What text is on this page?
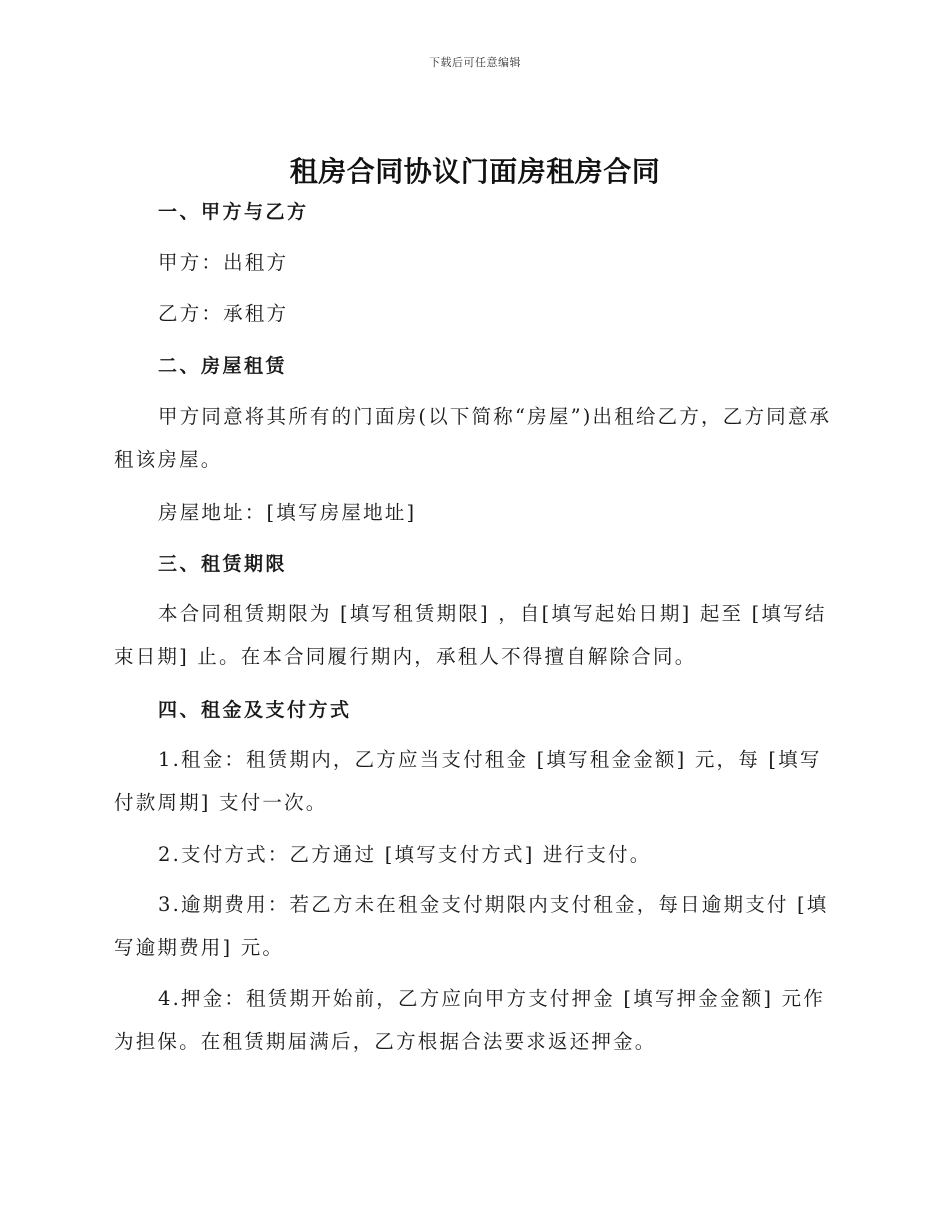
下载后可任意编辑
租房合同协议门面房租房合同

一、甲方与乙方

甲方：出租方

乙方：承租方

二、房屋租赁

甲方同意将其所有的门面房(以下简称“房屋”)出租给乙方，乙方同意承租该房屋。

房屋地址：[填写房屋地址]

三、租赁期限

本合同租赁期限为 [填写租赁期限] ，自[填写起始日期] 起至 [填写结束日期] 止。在本合同履行期内，承租人不得擅自解除合同。

四、租金及支付方式

1.租金：租赁期内，乙方应当支付租金 [填写租金金额] 元，每 [填写付款周期] 支付一次。

2.支付方式：乙方通过 [填写支付方式] 进行支付。

3.逾期费用：若乙方未在租金支付期限内支付租金，每日逾期支付 [填写逾期费用] 元。

4.押金：租赁期开始前，乙方应向甲方支付押金 [填写押金金额] 元作为担保。在租赁期届满后，乙方根据合法要求返还押金。
